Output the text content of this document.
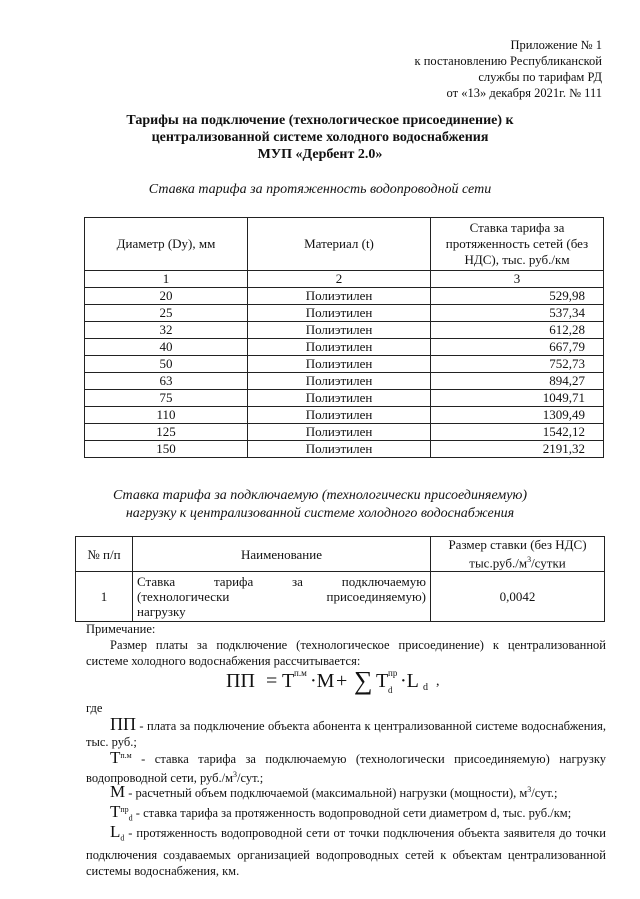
Приложение № 1
к постановлению Республиканской
службы по тарифам РД
от «13» декабря 2021г. № 111
Тарифы на подключение (технологическое присоединение) к
централизованной системе холодного водоснабжения
МУП «Дербент 2.0»
Ставка тарифа за протяженность водопроводной сети
Диаметр (Dy), мм	Материал (t)	Ставка тарифа за протяженность сетей (без НДС), тыс. руб./км
1	2	3
20	Полиэтилен	529,98
25	Полиэтилен	537,34
32	Полиэтилен	612,28
40	Полиэтилен	667,79
50	Полиэтилен	752,73
63	Полиэтилен	894,27
75	Полиэтилен	1049,71
110	Полиэтилен	1309,49
125	Полиэтилен	1542,12
150	Полиэтилен	2191,32
Ставка тарифа за подключаемую (технологически присоединяемую)
нагрузку к централизованной системе холодного водоснабжения
№ п/п	Наименование	Размер ставки (без НДС)
$тыс.руб./м^3$/сутки

1	Ставка тарифа за подключаемую
(технологически присоединяемую)
нагрузку	0,0042
Примечание:
Размер платы за подключение (технологическое присоединение) к централизованной системе холодного водоснабжения рассчитывается:
ПП = T п.м ·M + ∑ T пр
d ·L d ,
где
ПП - плата за подключение объекта абонента к централизованной системе водоснабжения, тыс. руб.;
$T^{п.м}$ - ставка тарифа за подключаемую (технологически присоединяемую) нагрузку водопроводной сети, $руб./м^3$/сут.;
M - расчетный объем подключаемой (максимальной) нагрузки (мощности), $м^3$/сут.;
$T^{пр}_d$ - ставка тарифа за протяженность водопроводной сети диаметром d, тыс. руб./км;
$L_d$ - протяженность водопроводной сети от точки подключения объекта заявителя до точки подключения создаваемых организацией водопроводных сетей к объектам централизованной системы водоснабжения, км.
